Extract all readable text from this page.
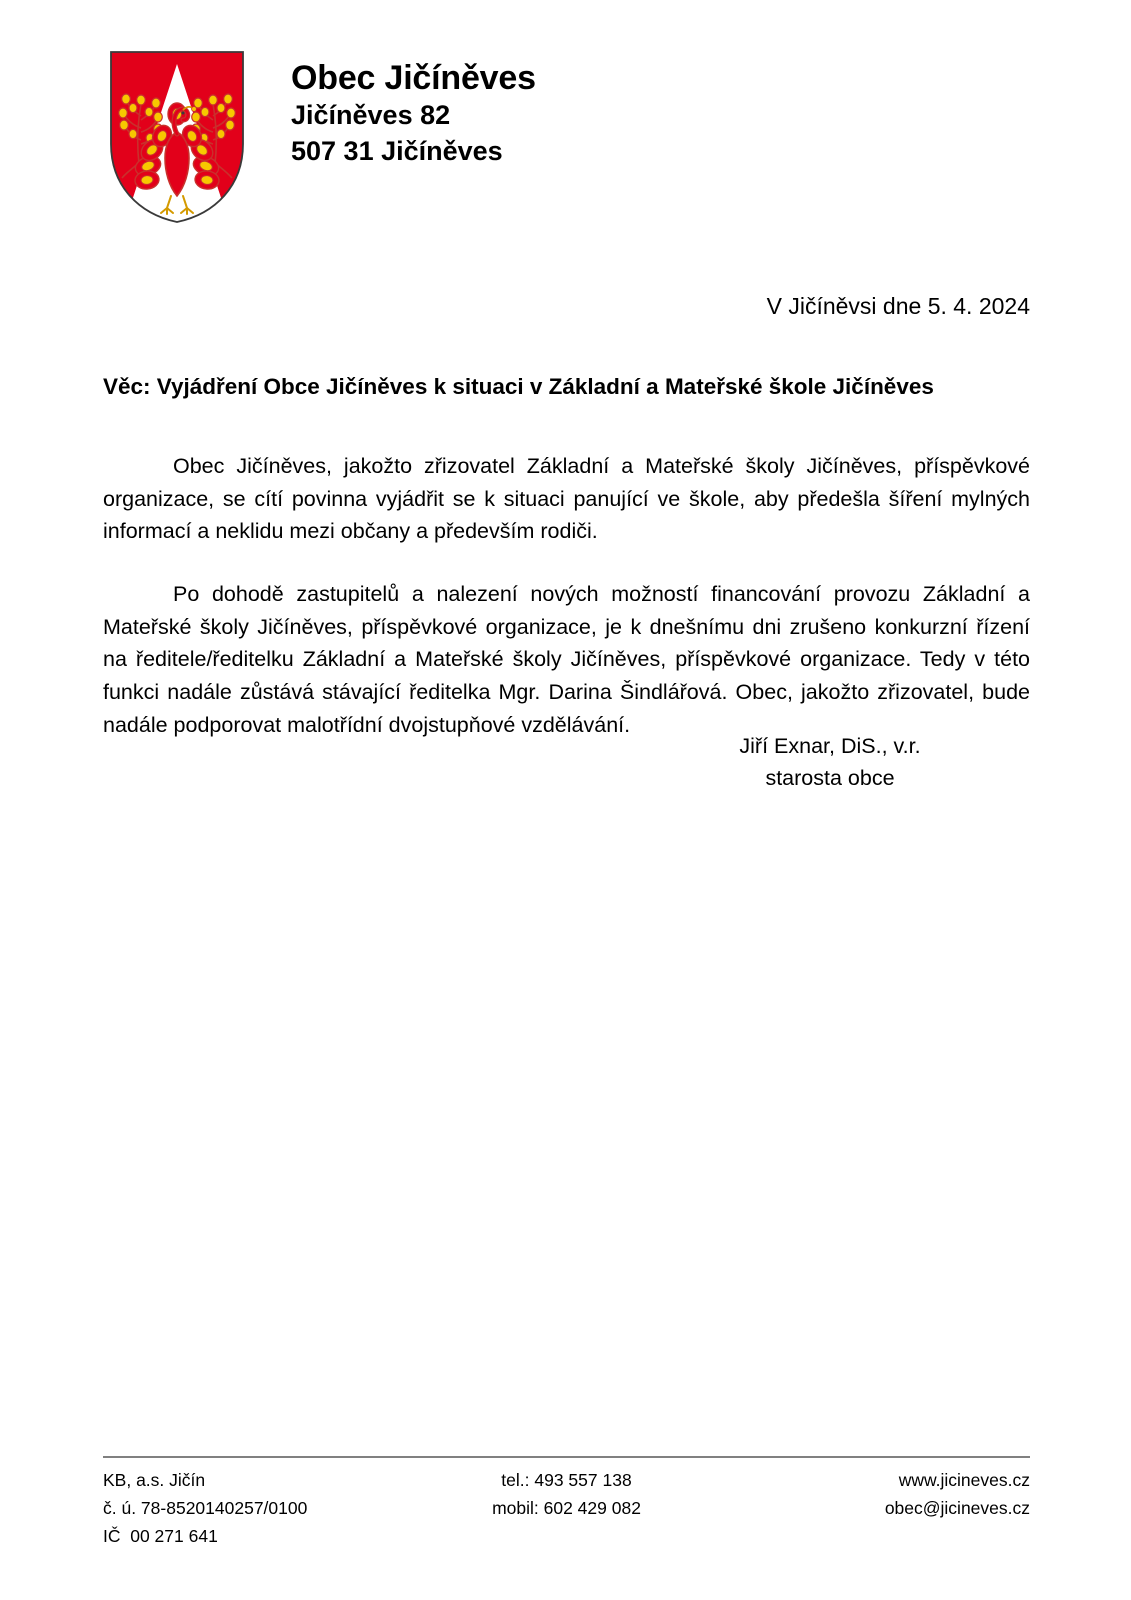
Obec Jičíněves
Jičíněves 82
507 31 Jičíněves
V Jičíněvsi dne 5. 4. 2024
Věc: Vyjádření Obce Jičíněves k situaci v Základní a Mateřské škole Jičíněves

Obec Jičíněves, jakožto zřizovatel Základní a Mateřské školy Jičíněves, příspěvkové organizace, se cítí povinna vyjádřit se k situaci panující ve škole, aby předešla šíření mylných informací a neklidu mezi občany a především rodiči.

Po dohodě zastupitelů a nalezení nových možností financování provozu Základní a Mateřské školy Jičíněves, příspěvkové organizace, je k dnešnímu dni zrušeno konkurzní řízení na ředitele/ředitelku Základní a Mateřské školy Jičíněves, příspěvkové organizace. Tedy v této funkci nadále zůstává stávající ředitelka Mgr. Darina Šindlářová. Obec, jakožto zřizovatel, bude nadále podporovat malotřídní dvojstupňové vzdělávání.

Jiří Exnar, DiS., v.r.
starosta obce
KB, a.s. Jičín
č. ú. 78-8520140257/0100
IČ  00 271 641
tel.: 493 557 138
mobil: 602 429 082
www.jicineves.cz
obec@jicineves.cz
